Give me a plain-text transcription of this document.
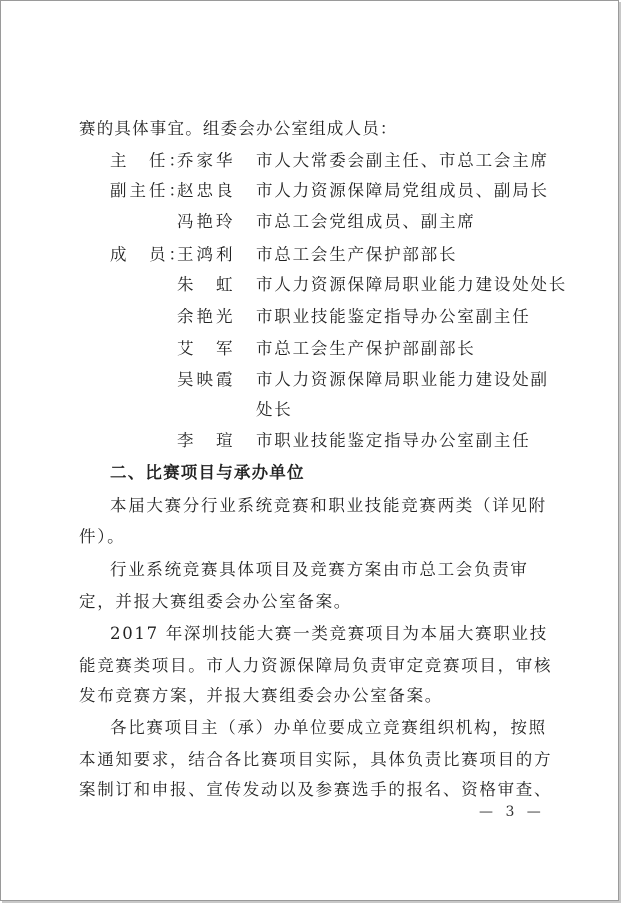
赛的具体事宜。组委会办公室组成人员：
主　任：
乔家华 市人大常委会副主任、市总工会主席
副主任：
赵忠良 市人力资源保障局党组成员、副局长
冯艳玲 市总工会党组成员、副主席
成　员：
王鸿利 市总工会生产保护部部长
朱　虹 市人力资源保障局职业能力建设处处长
余艳光 市职业技能鉴定指导办公室副主任
艾　军 市总工会生产保护部副部长
吴映霞 市人力资源保障局职业能力建设处副
处长
李　瑄 市职业技能鉴定指导办公室副主任
二、比赛项目与承办单位
本届大赛分行业系统竞赛和职业技能竞赛两类（详见附
件）。
行业系统竞赛具体项目及竞赛方案由市总工会负责审
定，并报大赛组委会办公室备案。
2017 年深圳技能大赛一类竞赛项目为本届大赛职业技
能竞赛类项目。市人力资源保障局负责审定竞赛项目，审核
发布竞赛方案，并报大赛组委会办公室备案。
各比赛项目主（承）办单位要成立竞赛组织机构，按照
本通知要求，结合各比赛项目实际，具体负责比赛项目的方
案制订和申报、宣传发动以及参赛选手的报名、资格审查、
— 3 —
